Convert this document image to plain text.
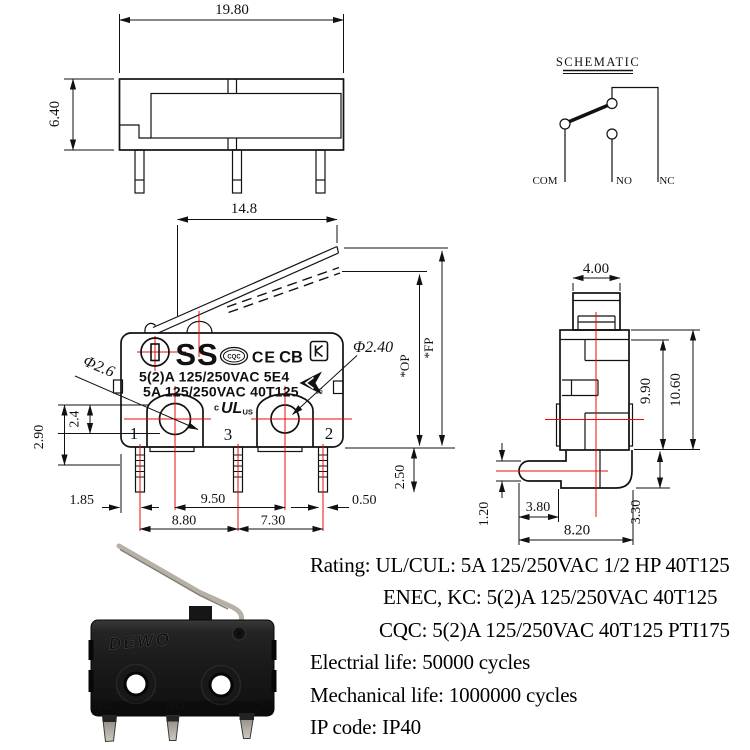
19.80
6.40
SCHEMATIC
COM	NO NC
SS CQC CE CB
5(2)A 125/250VAC 5E4
5A 125/250VAC 40T125 15
c UL US
1	3	2
14.8
*FP
*OP
2.50
Φ2.40
Φ2.6
2.4
2.90
1.85	9.50	0.50
8.80	7.30
4.00
9.90 10.60
1.20 3.80
8.20
3.30
DEWO
NC	NO	C
Rating: UL/CUL: 5A 125/250VAC 1/2 HP 40T125
ENEC, KC: 5(2)A 125/250VAC 40T125
CQC: 5(2)A 125/250VAC 40T125 PTI175
Electrial life: 50000 cycles
Mechanical life: 1000000 cycles
IP code: IP40
